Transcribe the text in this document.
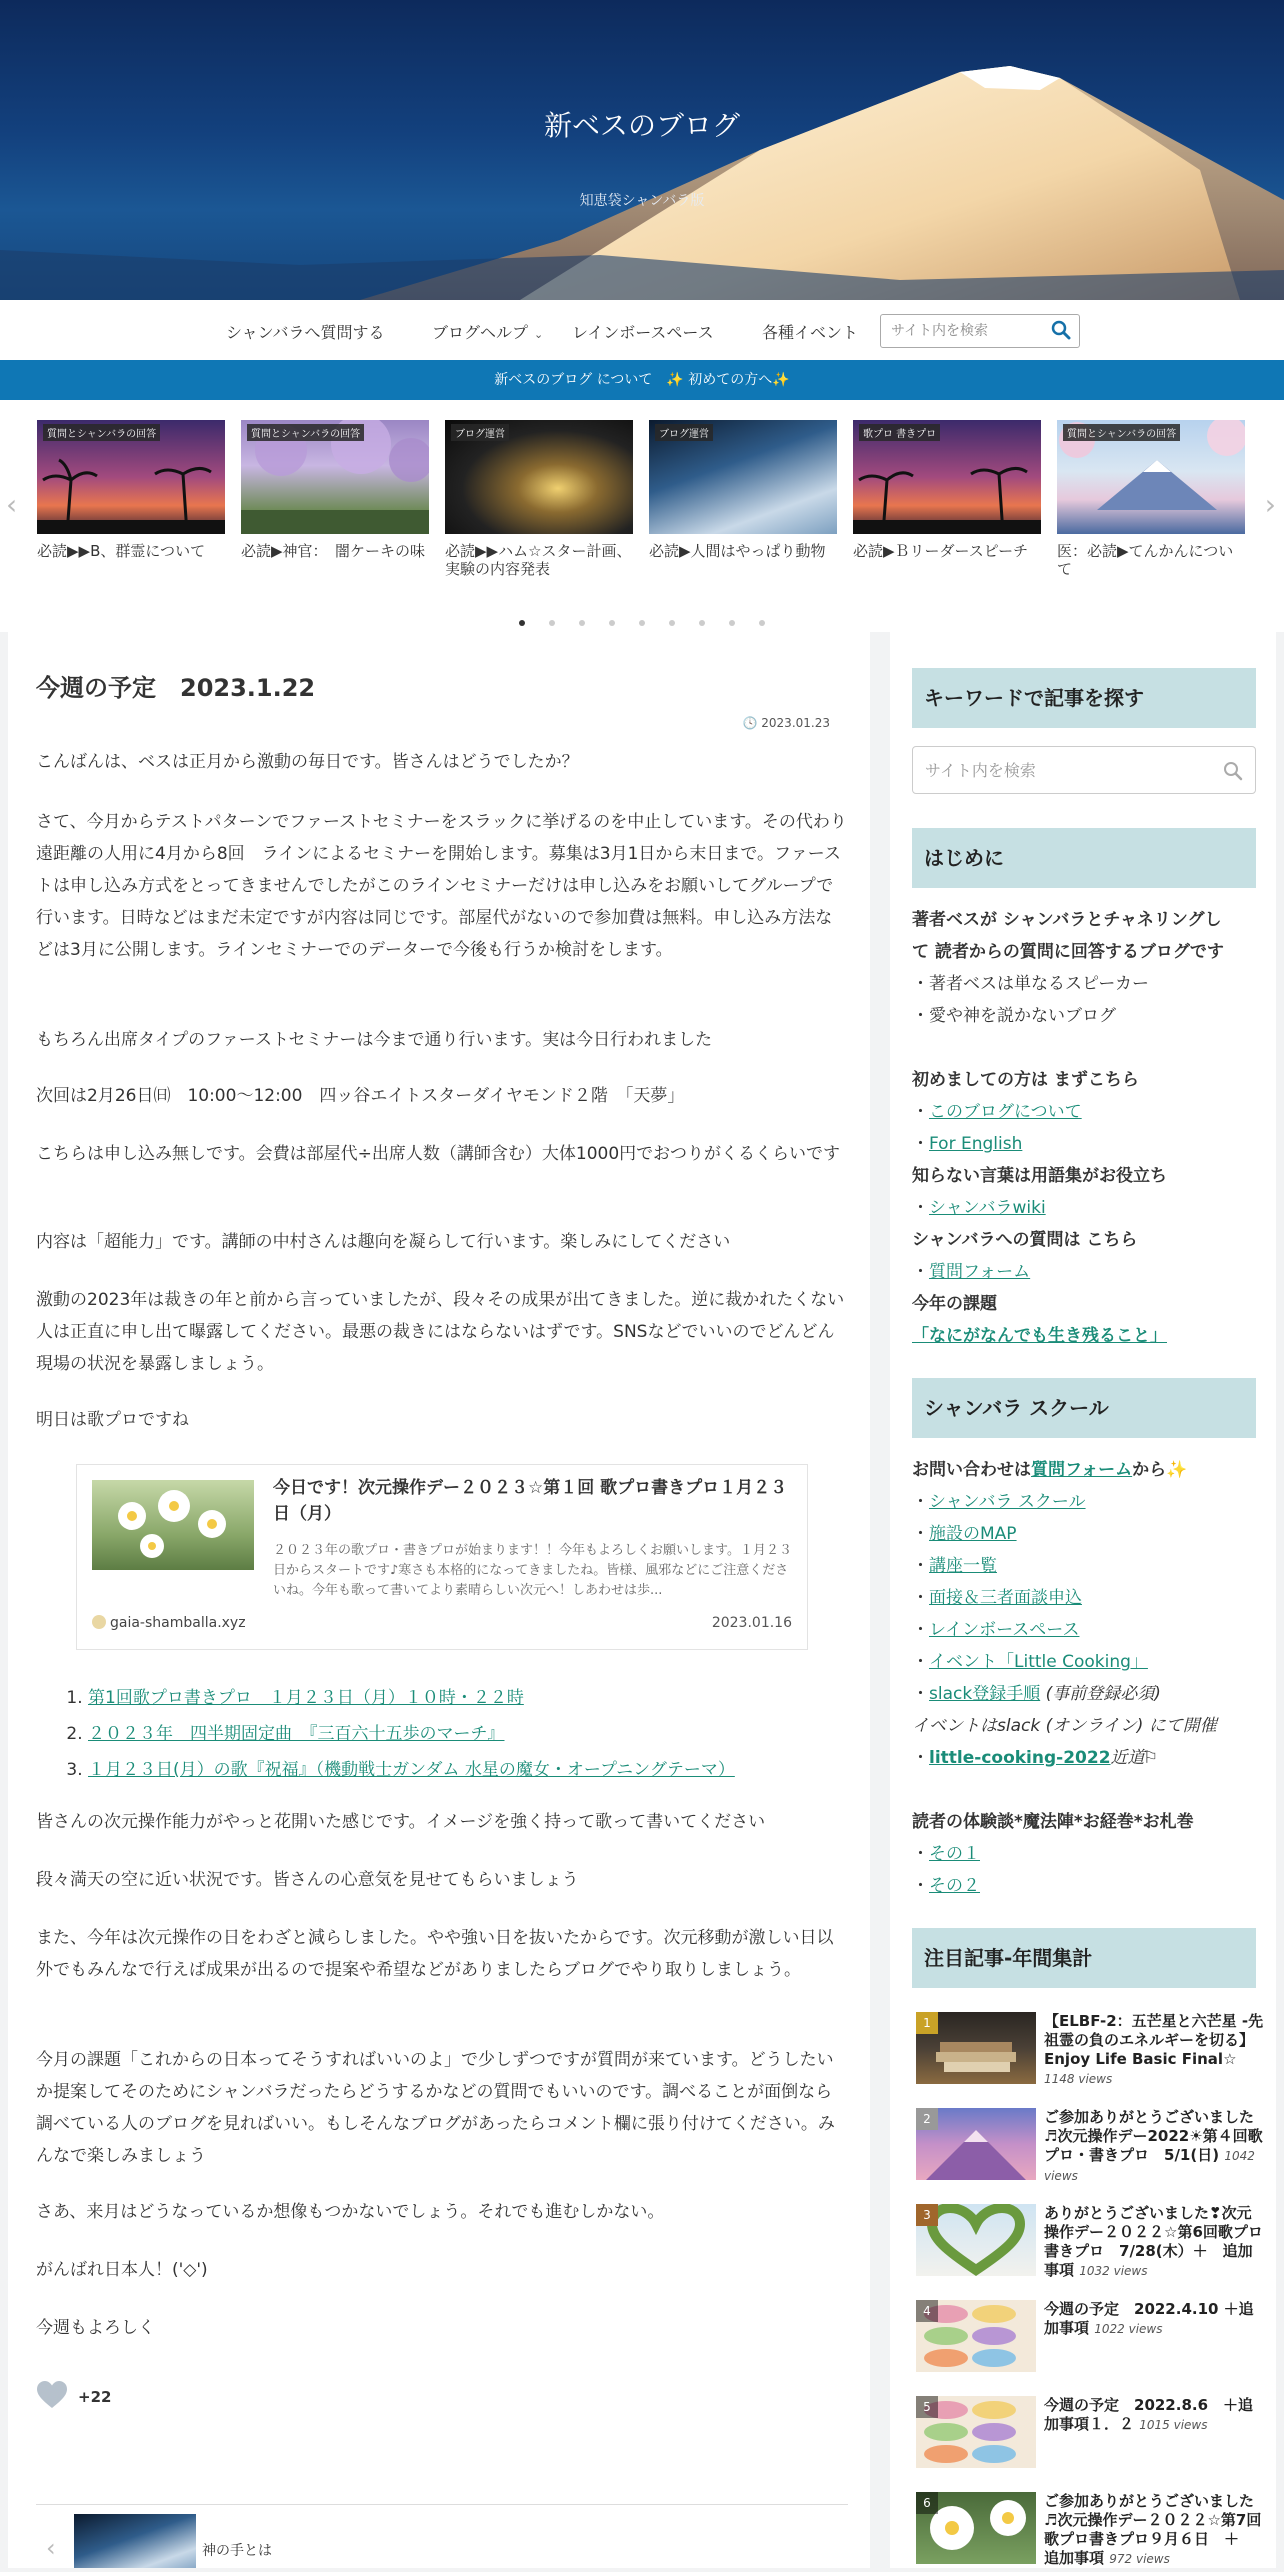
新ベスのブログ
知恵袋シャンバラ版
シャンバラへ質問する	ブログヘルプ ⌄ レインボースペース	各種イベント
サイト内を検索
新ベスのブログ について　✨ 初めての方へ✨
‹	›
質問とシャンバラの回答
必読▶▶B、群霊について
質問とシャンバラの回答
必読▶神官：　闇ケーキの味
ブログ運営
必読▶▶ハム☆スター計画、実験の内容発表
ブログ運営
必読▶人間はやっぱり動物
歌プロ 書きプロ
必読▶Ｂリーダースピーチ
質問とシャンバラの回答
医：必読▶てんかんについて
今週の予定　2023.1.22
🕓 2023.01.23
こんばんは、ベスは正月から激動の毎日です。皆さんはどうでしたか？
さて、今月からテストパターンでファーストセミナーをスラックに挙げるのを中止しています。その代わり遠距離の人用に4月から8回　ラインによるセミナーを開始します。募集は3月1日から末日まで。ファーストは申し込み方式をとってきませんでしたがこのラインセミナーだけは申し込みをお願いしてグループで行います。日時などはまだ未定ですが内容は同じです。部屋代がないので参加費は無料。申し込み方法などは3月に公開します。ラインセミナーでのデーターで今後も行うか検討をします。
もちろん出席タイプのファーストセミナーは今まで通り行います。実は今日行われました
次回は2月26日㈰　10:00～12:00　四ッ谷エイトスターダイヤモンド２階　「天夢」
こちらは申し込み無しです。会費は部屋代÷出席人数（講師含む）大体1000円でおつりがくるくらいです
内容は「超能力」です。講師の中村さんは趣向を凝らして行います。楽しみにしてください
激動の2023年は裁きの年と前から言っていましたが、段々その成果が出てきました。逆に裁かれたくない人は正直に申し出て曝露してください。最悪の裁きにはならないはずです。SNSなどでいいのでどんどん現場の状況を暴露しましょう。
明日は歌プロですね
今日です！次元操作デー２０２３☆第１回 歌プロ書きプロ１月２３日（月）
２０２３年の歌プロ・書きプロが始まります！！今年もよろしくお願いします。１月２３日からスタートです♪寒さも本格的になってきましたね。皆様、風邪などにご注意くださいね。今年も歌って書いてより素晴らしい次元へ！しあわせは歩...
gaia-shamballa.xyz	2023.01.16
1. 第1回歌プロ書きプロ　１月２３日（月）１０時・２２時
2. ２０２３年　四半期固定曲　『三百六十五歩のマーチ』
3. １月２３日(月）の歌『祝福』（機動戦士ガンダム 水星の魔女・オープニングテーマ）
皆さんの次元操作能力がやっと花開いた感じです。イメージを強く持って歌って書いてください
段々満天の空に近い状況です。皆さんの心意気を見せてもらいましょう
また、今年は次元操作の日をわざと減らしました。やや強い日を抜いたからです。次元移動が激しい日以外でもみんなで行えば成果が出るので提案や希望などがありましたらブログでやり取りしましょう。
今月の課題「これからの日本ってそうすればいいのよ」で少しずつですが質問が来ています。どうしたいか提案してそのためにシャンバラだったらどうするかなどの質問でもいいのです。調べることが面倒なら調べている人のブログを見ればいい。もしそんなブログがあったらコメント欄に張り付けてください。みんなで楽しみましょう
さあ、来月はどうなっているか想像もつかないでしょう。それでも進むしかない。
がんばれ日本人！('◇')
今週もよろしく
+22
‹	神の手とは
キーワードで記事を探す
サイト内を検索
はじめに
著者ベスが シャンバラとチャネリングし
て 読者からの質問に回答するブログです
・著者ベスは単なるスピーカー
・愛や神を説かないブログ
初めましての方は まずこちら
・このブログについて
・For English
知らない言葉は用語集がお役立ち
・シャンバラwiki
シャンバラへの質問は こちら
・質問フォーム
今年の課題
「なにがなんでも生き残ること」
シャンバラ スクール
お問い合わせは質問フォームから✨
・シャンバラ スクール
・施設のMAP
・講座一覧
・面接＆三者面談申込
・レインボースペース
・イベント「Little Cooking」
・slack登録手順 (事前登録必須)
イベントはslack (オンライン) にて開催
・little-cooking-2022近道⚐
読者の体験談*魔法陣*お経巻*お札巻
・その１
・その２
注目記事-年間集計
1	【ELBF-2：五芒星と六芒星 -先祖霊の負のエネルギーを切る】Enjoy Life Basic Final☆ 1148 views
2	ご参加ありがとうございました♬次元操作デー2022☀第４回歌プロ・書きプロ　5/1(日) 1042 views
3	ありがとうございました❣次元操作デー２０２２☆第6回歌プロ書きプロ　7/28(木）＋　追加事項 1032 views
4	今週の予定　2022.4.10 ＋追加事項 1022 views
5	今週の予定　2022.8.6　＋追加事項１．２ 1015 views
6	ご参加ありがとうございました♬次元操作デー２０２２☆第7回　歌プロ書きプロ９月６日　＋　追加事項 972 views
